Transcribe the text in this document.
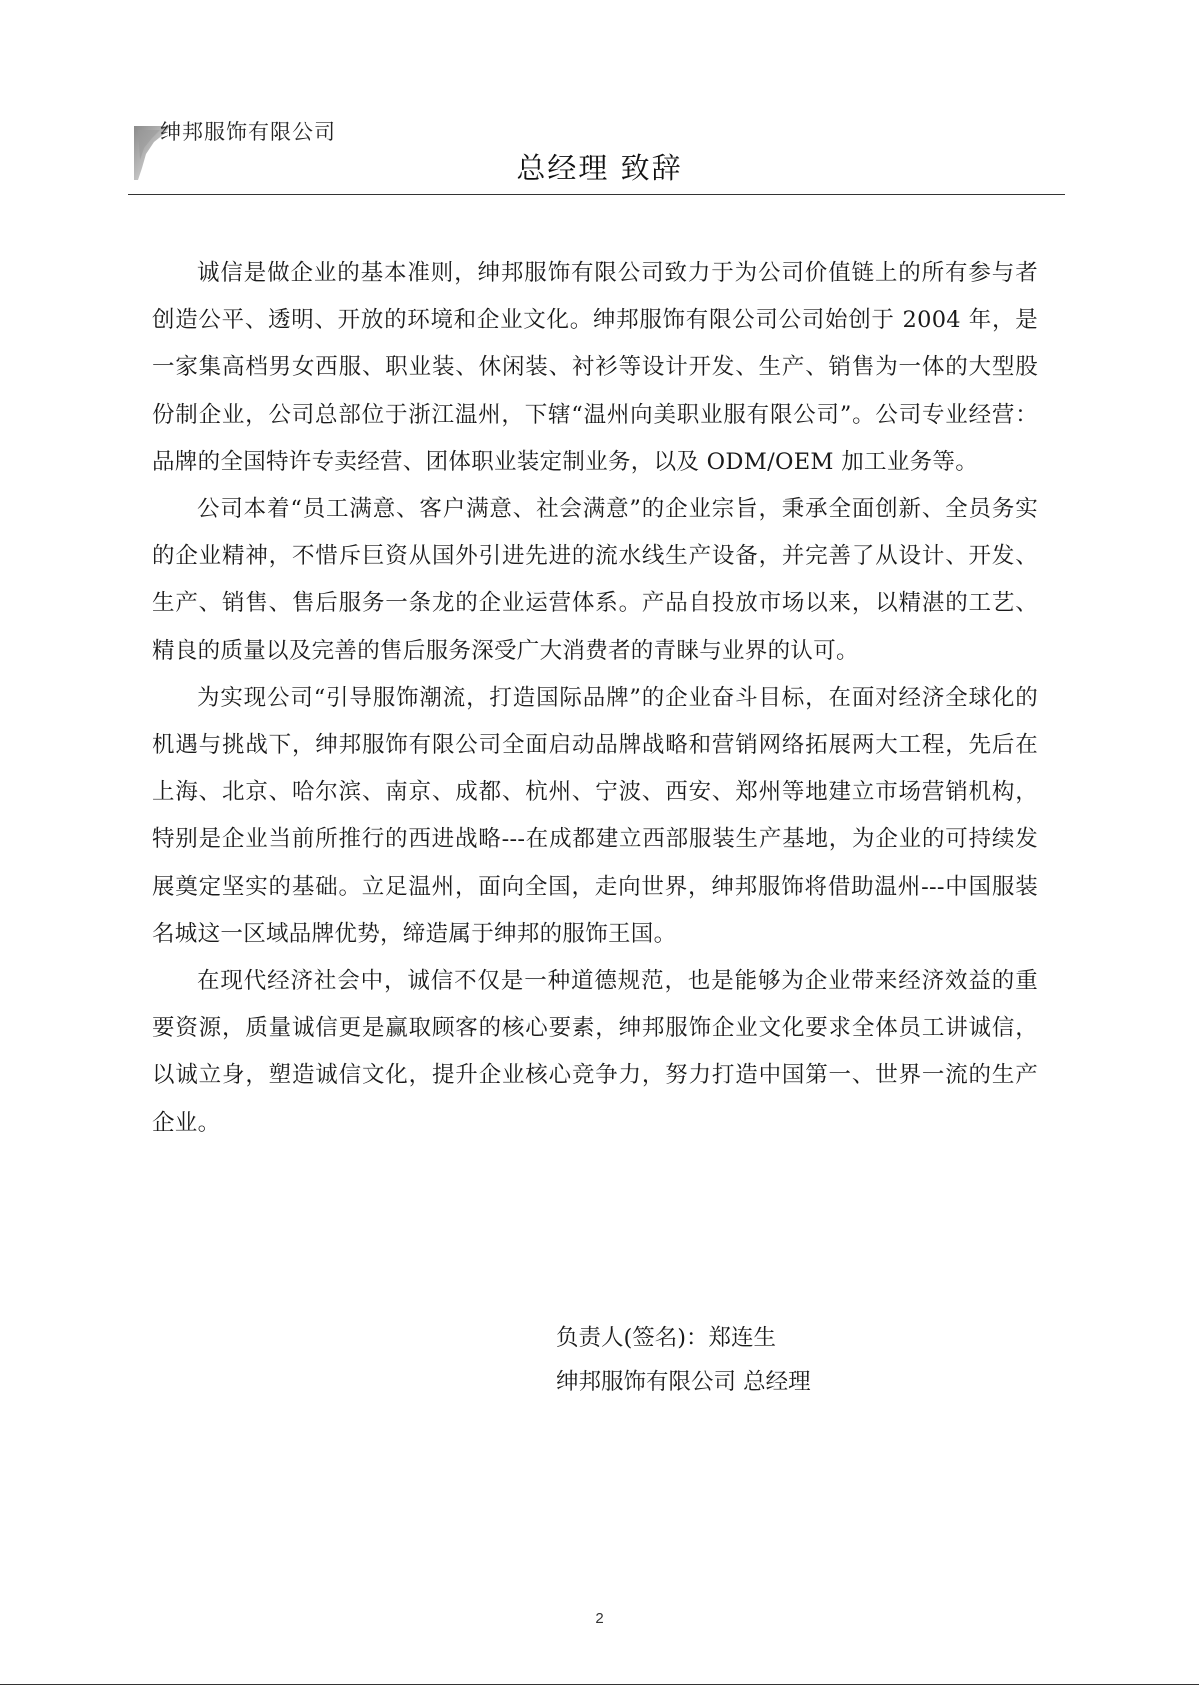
绅邦服饰有限公司
总经理 致辞

诚信是做企业的基本准则，绅邦服饰有限公司致力于为公司价值链上的所有参与者创造公平、透明、开放的环境和企业文化。绅邦服饰有限公司公司始创于 2004 年，是一家集高档男女西服、职业装、休闲装、衬衫等设计开发、生产、销售为一体的大型股份制企业，公司总部位于浙江温州，下辖“温州向美职业服有限公司”。公司专业经营：品牌的全国特许专卖经营、团体职业装定制业务，以及 ODM/OEM 加工业务等。

公司本着“员工满意、客户满意、社会满意”的企业宗旨，秉承全面创新、全员务实的企业精神，不惜斥巨资从国外引进先进的流水线生产设备，并完善了从设计、开发、生产、销售、售后服务一条龙的企业运营体系。产品自投放市场以来，以精湛的工艺、精良的质量以及完善的售后服务深受广大消费者的青睐与业界的认可。

为实现公司“引导服饰潮流，打造国际品牌”的企业奋斗目标，在面对经济全球化的机遇与挑战下，绅邦服饰有限公司全面启动品牌战略和营销网络拓展两大工程，先后在上海、北京、哈尔滨、南京、成都、杭州、宁波、西安、郑州等地建立市场营销机构，特别是企业当前所推行的西进战略---在成都建立西部服装生产基地，为企业的可持续发展奠定坚实的基础。立足温州，面向全国，走向世界，绅邦服饰将借助温州---中国服装名城这一区域品牌优势，缔造属于绅邦的服饰王国。

在现代经济社会中，诚信不仅是一种道德规范，也是能够为企业带来经济效益的重要资源，质量诚信更是赢取顾客的核心要素，绅邦服饰企业文化要求全体员工讲诚信，以诚立身，塑造诚信文化，提升企业核心竞争力，努力打造中国第一、世界一流的生产企业。

负责人(签名)：郑连生
绅邦服饰有限公司 总经理
2
